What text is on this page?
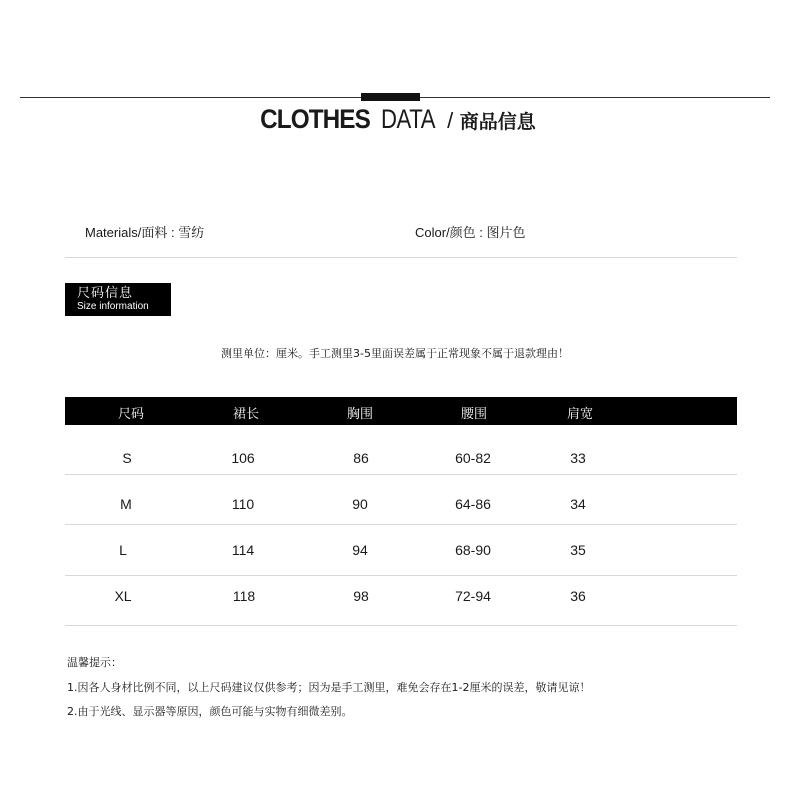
CLOTHES DATA / 商品信息
Materials/面料 : 雪纺	Color/颜色 : 图片色
尺码信息
Size information
测里单位：厘米。手工测里3-5里面误差属于正常现象不属于退款理由！
尺码	裙长	胸围	腰围	肩宽
S	106	86	60-82	33
M	110	90	64-86	34
L	114	94	68-90	35
XL	118	98	72-94	36
温馨提示：
1.因各人身材比例不同，以上尺码建议仅供参考；因为是手工测里，难免会存在1-2厘米的误差，敬请见谅！
2.由于光线、显示器等原因，颜色可能与实物有细微差别。
